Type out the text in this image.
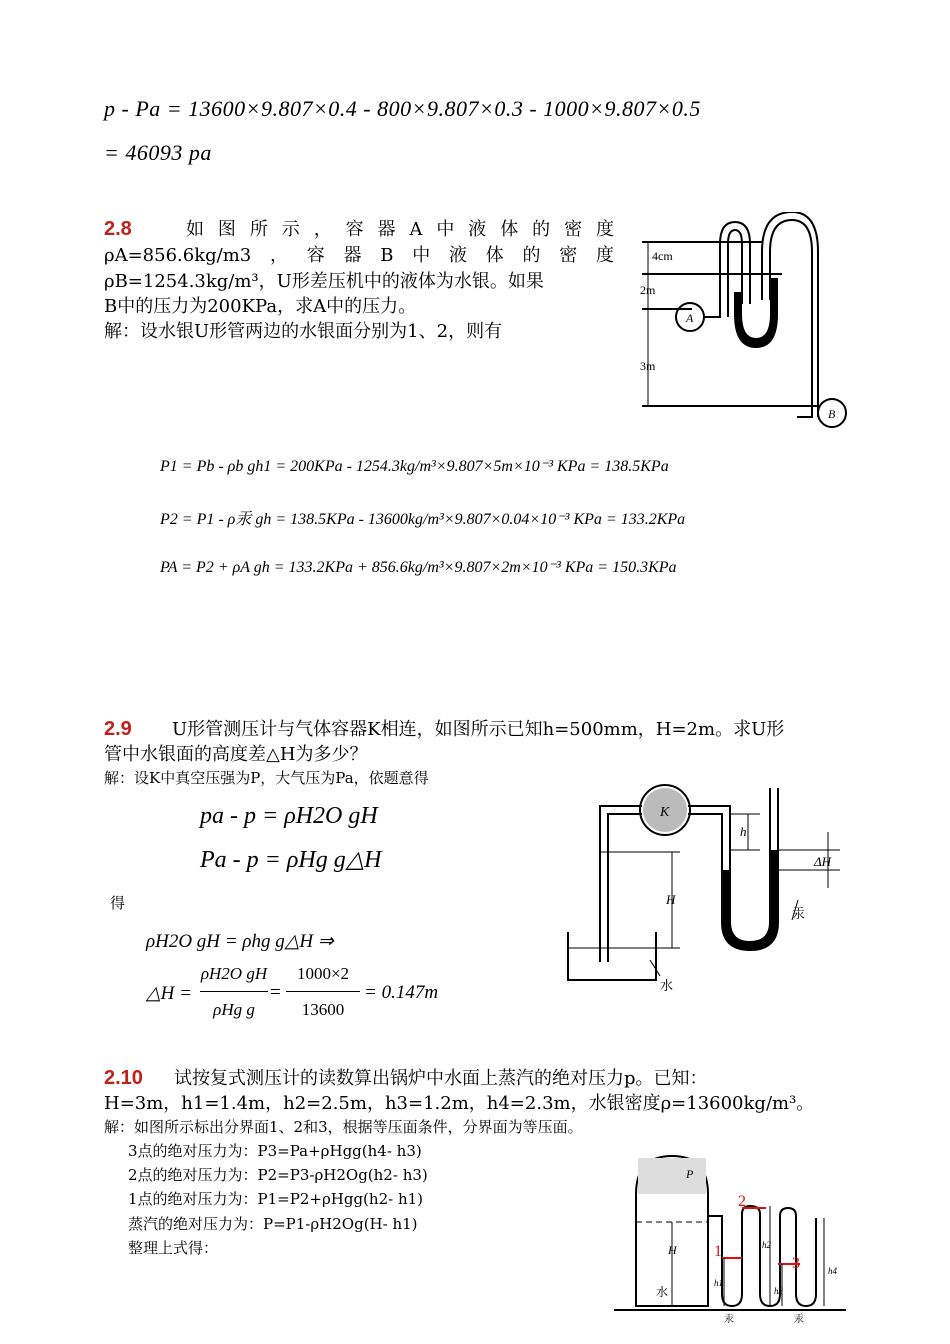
p - Pa = 13600×9.807×0.4 - 800×9.807×0.3 - 1000×9.807×0.5
= 46093 pa
2.8	如图所示，容器A中液体的密度
ρA=856.6kg/m3，容器B中液体的密度
ρB=1254.3kg/m³，U形差压机中的液体为水银。如果
B中的压力为200KPa，求A中的压力。
解：设水银U形管两边的水银面分别为1、2，则有
4cm
2m
3m
A
B
P1 = Pb - ρb gh1 = 200KPa - 1254.3kg/m³×9.807×5m×10⁻³ KPa = 138.5KPa
P2 = P1 - ρ汞 gh = 138.5KPa - 13600kg/m³×9.807×0.04×10⁻³ KPa = 133.2KPa
PA = P2 + ρA gh = 133.2KPa + 856.6kg/m³×9.807×2m×10⁻³ KPa = 150.3KPa
2.9 U形管测压计与气体容器K相连，如图所示已知h=500mm，H=2m。求U形
管中水银面的高度差△H为多少？
解：设K中真空压强为P，大气压为Pa，依题意得
pa - p = ρH2O gH
Pa - p = ρHg g△H
得
ρH2O gH = ρhg g△H ⇒
△H =
ρH2O gH
ρHg g
=
1000×2
13600
= 0.147m
K
h
ΔH
H
汞
水
2.10 试按复式测压计的读数算出锅炉中水面上蒸汽的绝对压力p。已知：
H=3m，h1=1.4m，h2=2.5m，h3=1.2m，h4=2.3m，水银密度ρ=13600kg/m³。
解：如图所示标出分界面1、2和3，根据等压面条件，分界面为等压面。
3点的绝对压力为：P3=Pa+ρHgg(h4- h3)
2点的绝对压力为：P2=P3-ρH2Og(h2- h3)
1点的绝对压力为：P1=P2+ρHgg(h2- h1)
蒸汽的绝对压力为：P=P1-ρH2Og(H- h1)
整理上式得：
P
H
水
1
2
3
h1
h2
h3
h4
汞	汞
